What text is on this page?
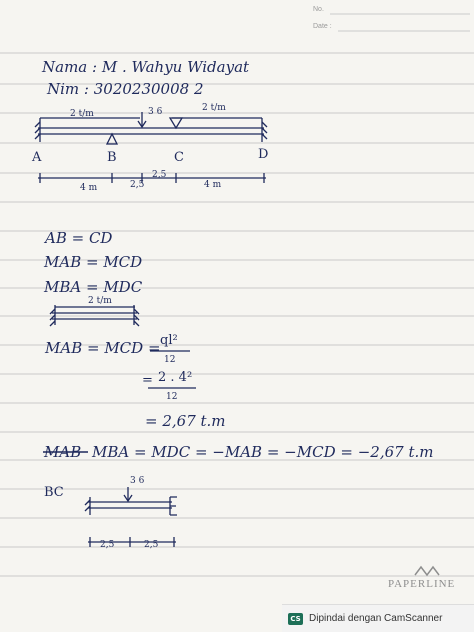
No.
Date :
Nama : M . Wahyu Widayat
Nim : 3020230008 2
2 t/m	3 6	2 t/m
A	B	C	D
4 m	2,5
2,5
4 m
AB = CD
MAB = MCD
MBA = MDC
2 t/m
MAB = MCD = ql²
12
= 2 . 4²
12
= 2,67 t.m
MAB MBA = MDC = −MAB = −MCD = −2,67 t.m
BC
3 6
2,5	2,5
PAPERLINE
CS Dipindai dengan CamScanner
